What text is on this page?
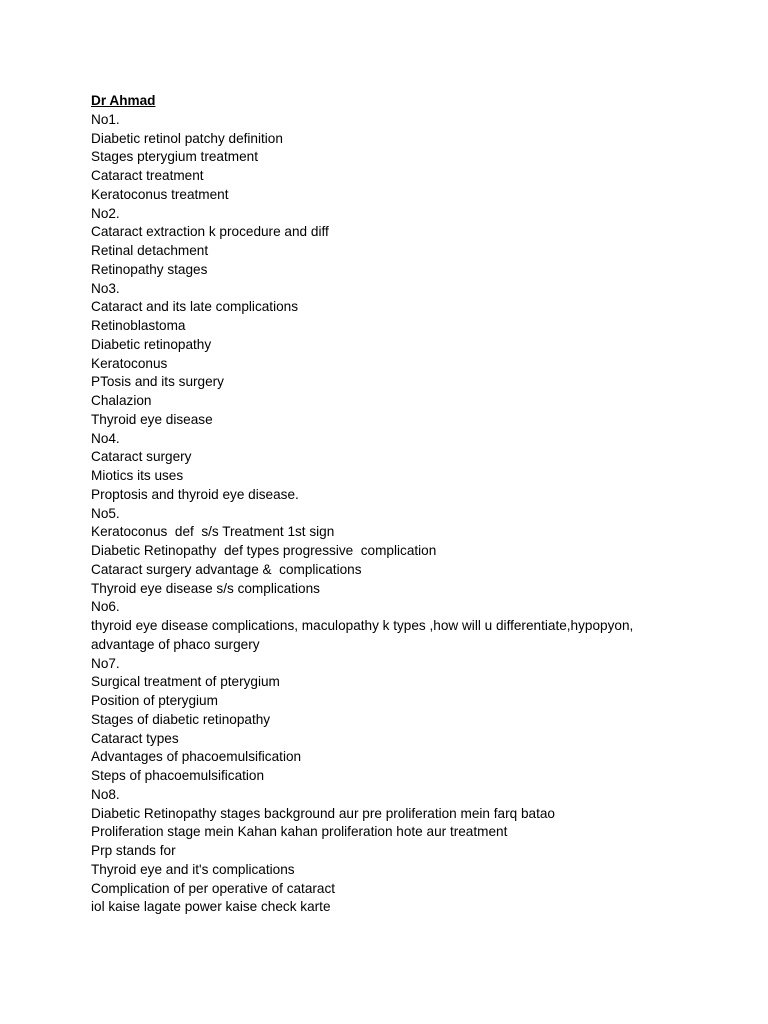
Dr Ahmad
No1.
Diabetic retinol patchy definition
Stages pterygium treatment
Cataract treatment
Keratoconus treatment
No2.
Cataract extraction k procedure and diff
Retinal detachment
Retinopathy stages
No3.
Cataract and its late complications
Retinoblastoma
Diabetic retinopathy
Keratoconus
PTosis and its surgery
Chalazion
Thyroid eye disease
No4.
Cataract surgery
Miotics its uses
Proptosis and thyroid eye disease.
No5.
Keratoconus  def  s/s Treatment 1st sign
Diabetic Retinopathy  def types progressive  complication
Cataract surgery advantage &  complications
Thyroid eye disease s/s complications
No6.
thyroid eye disease complications, maculopathy k types ,how will u differentiate,hypopyon,
advantage of phaco surgery
No7.
Surgical treatment of pterygium
Position of pterygium
Stages of diabetic retinopathy
Cataract types
Advantages of phacoemulsification
Steps of phacoemulsification
No8.
Diabetic Retinopathy stages background aur pre proliferation mein farq batao
Proliferation stage mein Kahan kahan proliferation hote aur treatment
Prp stands for
Thyroid eye and it's complications
Complication of per operative of cataract
iol kaise lagate power kaise check karte
